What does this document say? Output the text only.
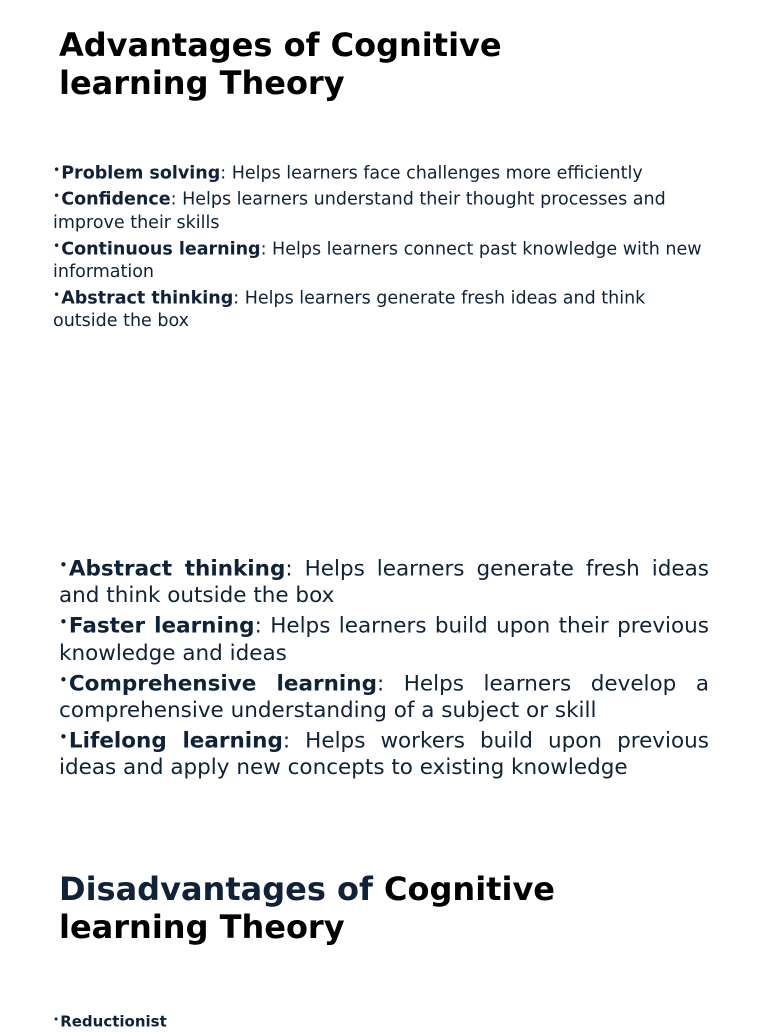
Advantages of Cognitive
learning Theory

•Problem solving: Helps learners face challenges more efficiently

•Confidence: Helps learners understand their thought processes and improve their skills

•Continuous learning: Helps learners connect past knowledge with new information

•Abstract thinking: Helps learners generate fresh ideas and think outside the box

•Abstract thinking: Helps learners generate fresh ideas and think outside the box

•Faster learning: Helps learners build upon their previous knowledge and ideas

•Comprehensive learning: Helps learners develop a comprehensive understanding of a subject or skill

•Lifelong learning: Helps workers build upon previous ideas and apply new concepts to existing knowledge

Disadvantages of Cognitive
learning Theory

•Reductionist
